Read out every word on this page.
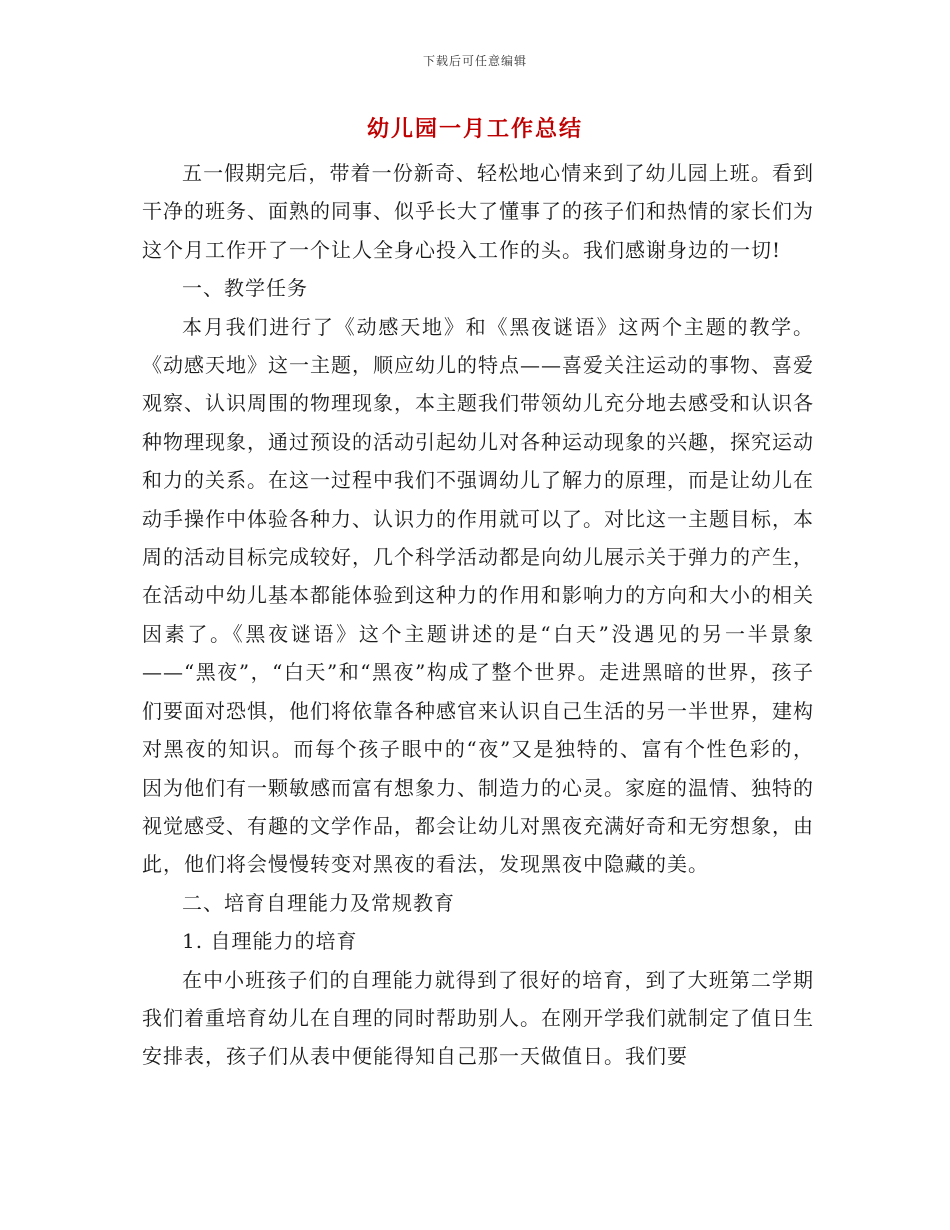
下载后可任意编辑
幼儿园一月工作总结

五一假期完后，带着一份新奇、轻松地心情来到了幼儿园上班。看到干净的班务、面熟的同事、似乎长大了懂事了的孩子们和热情的家长们为这个月工作开了一个让人全身心投入工作的头。我们感谢身边的一切!

一、教学任务

本月我们进行了《动感天地》和《黑夜谜语》这两个主题的教学。《动感天地》这一主题，顺应幼儿的特点——喜爱关注运动的事物、喜爱观察、认识周围的物理现象，本主题我们带领幼儿充分地去感受和认识各种物理现象，通过预设的活动引起幼儿对各种运动现象的兴趣，探究运动和力的关系。在这一过程中我们不强调幼儿了解力的原理，而是让幼儿在动手操作中体验各种力、认识力的作用就可以了。对比这一主题目标，本周的活动目标完成较好，几个科学活动都是向幼儿展示关于弹力的产生，在活动中幼儿基本都能体验到这种力的作用和影响力的方向和大小的相关因素了。《黑夜谜语》这个主题讲述的是“白天”没遇见的另一半景象——“黑夜”，“白天”和“黑夜”构成了整个世界。走进黑暗的世界，孩子们要面对恐惧，他们将依靠各种感官来认识自己生活的另一半世界，建构对黑夜的知识。而每个孩子眼中的“夜”又是独特的、富有个性色彩的，因为他们有一颗敏感而富有想象力、制造力的心灵。家庭的温情、独特的视觉感受、有趣的文学作品，都会让幼儿对黑夜充满好奇和无穷想象，由此，他们将会慢慢转变对黑夜的看法，发现黑夜中隐藏的美。

二、培育自理能力及常规教育

1. 自理能力的培育

在中小班孩子们的自理能力就得到了很好的培育，到了大班第二学期我们着重培育幼儿在自理的同时帮助别人。在刚开学我们就制定了值日生安排表，孩子们从表中便能得知自己那一天做值日。我们要
